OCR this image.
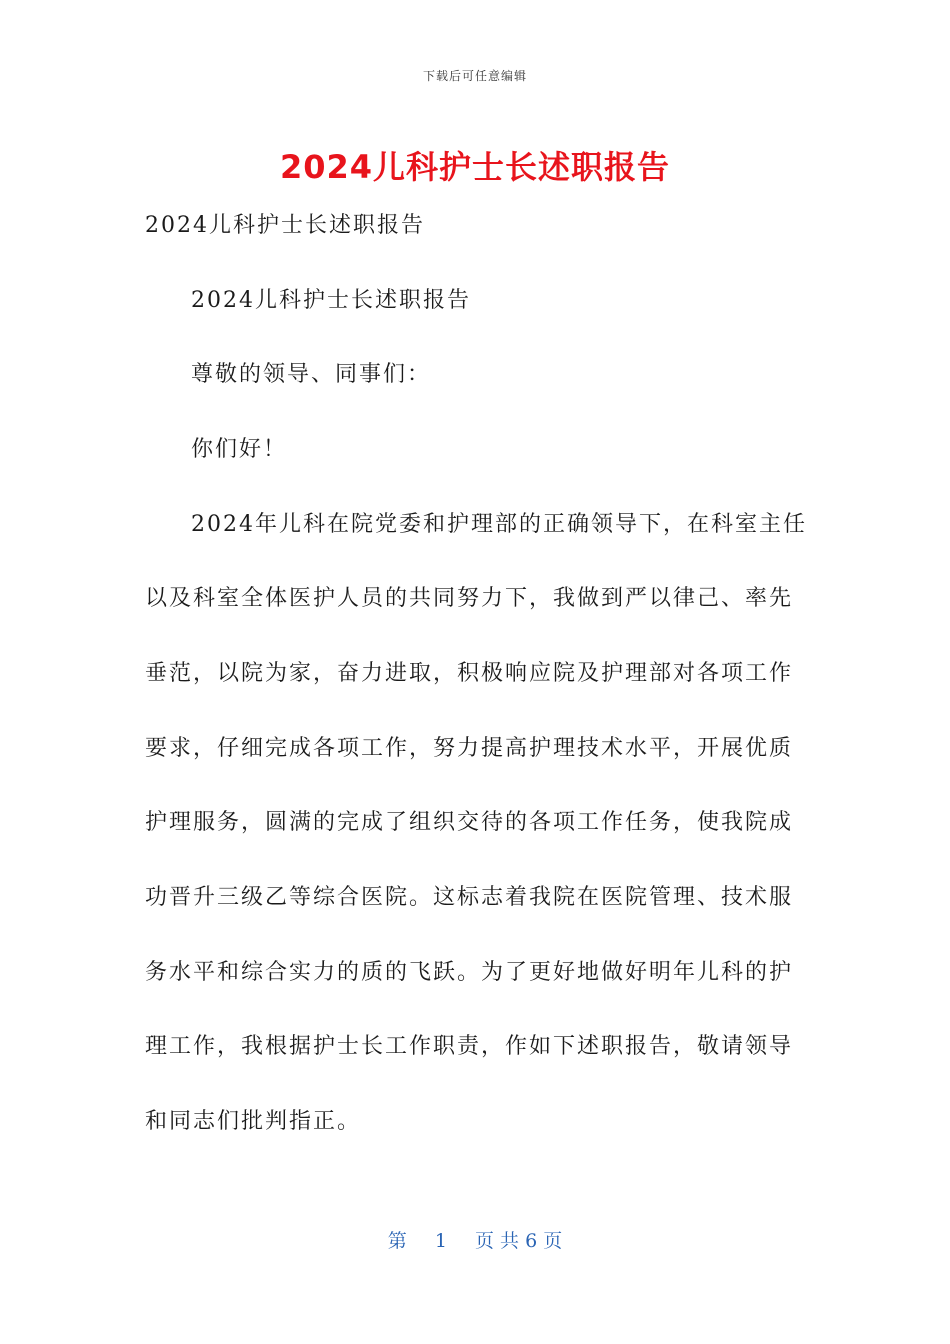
下载后可任意编辑
2024儿科护士长述职报告

2024儿科护士长述职报告

2024儿科护士长述职报告

尊敬的领导、同事们：

你们好！

2024年儿科在院党委和护理部的正确领导下，在科室主任

以及科室全体医护人员的共同努力下，我做到严以律己、率先

垂范，以院为家，奋力进取，积极响应院及护理部对各项工作

要求，仔细完成各项工作，努力提高护理技术水平，开展优质

护理服务，圆满的完成了组织交待的各项工作任务，使我院成

功晋升三级乙等综合医院。这标志着我院在医院管理、技术服

务水平和综合实力的质的飞跃。为了更好地做好明年儿科的护

理工作，我根据护士长工作职责，作如下述职报告，敬请领导

和同志们批判指正。

第 1 页 共 6 页
